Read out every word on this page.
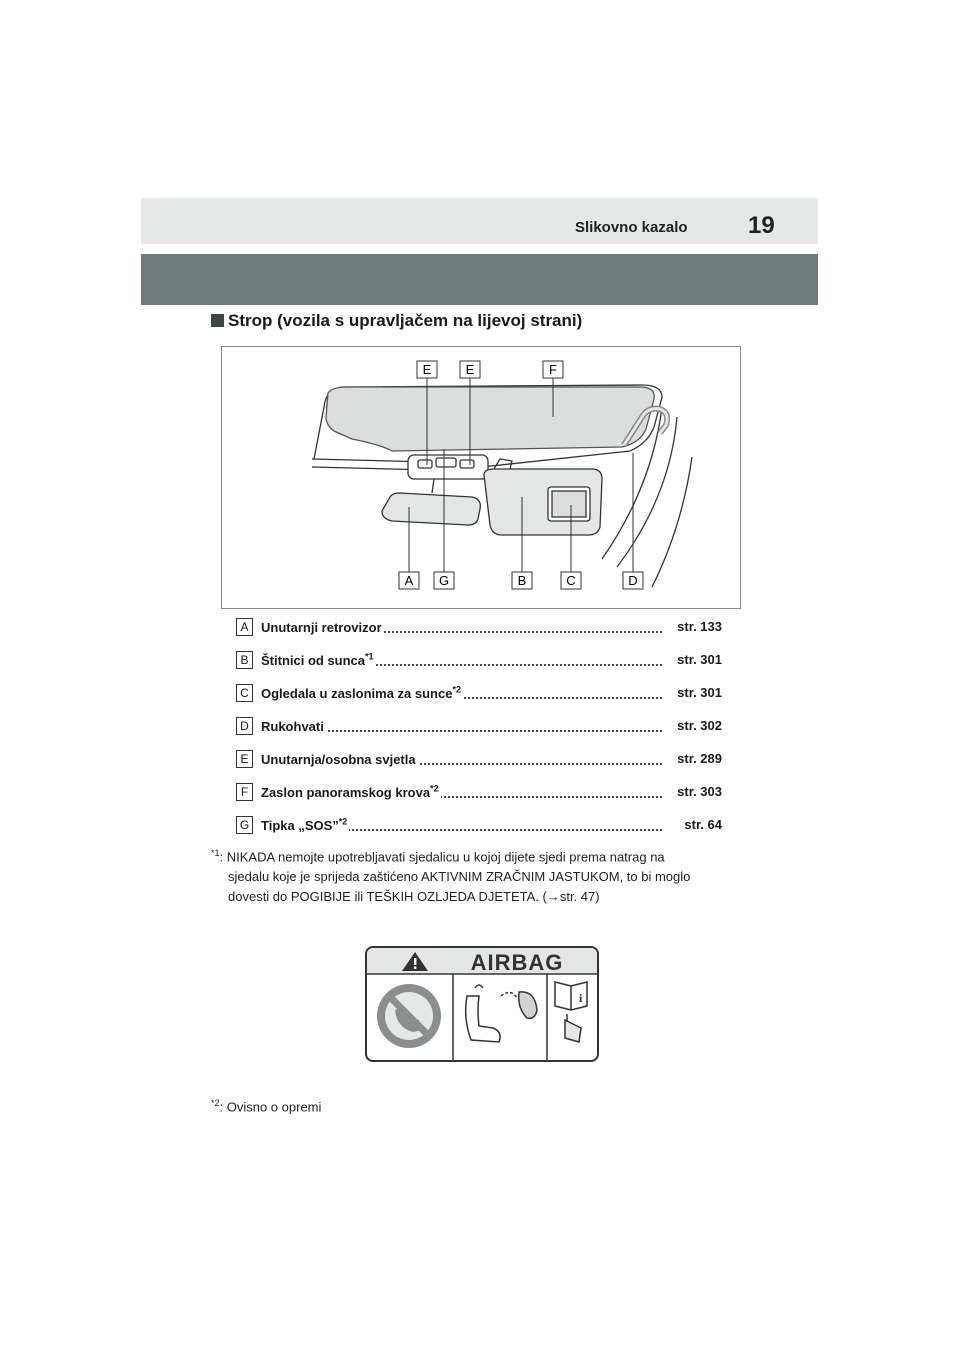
Slikovno kazalo	19
Strop (vozila s upravljačem na lijevoj strani)
E	E	F
A G	B	C	D
A Unutarnji retrovizor	str. 133
B Štitnici od sunca$^{*1}$	str. 301
C Ogledala u zaslonima za sunce$^{*2}$	str. 301
D Rukohvati	str. 302
E Unutarnja/osobna svjetla	str. 289
F Zaslon panoramskog krova$^{*2}$	str. 303
G Tipka „SOS”$^{*2}$	str. 64
$^{*1}$: NIKADA nemojte upotrebljavati sjedalicu u kojoj dijete sjedi prema natrag na
sjedalu koje je sprijeda zaštićeno AKTIVNIM ZRAČNIM JASTUKOM, to bi moglo
dovesti do POGIBIJE ili TEŠKIH OZLJEDA DJETETA. (→str. 47)
AIRBAG
i
$^{*2}$: Ovisno o opremi
